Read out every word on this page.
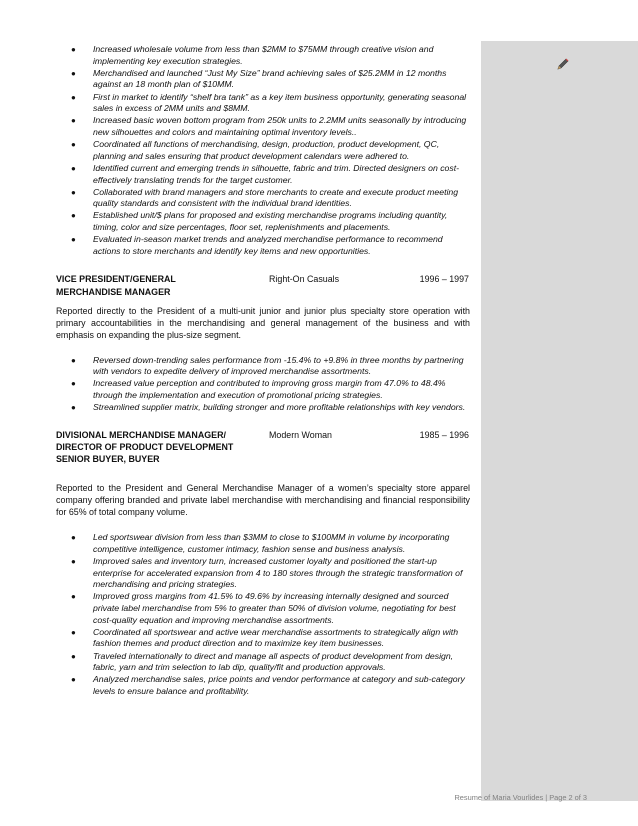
● Increased wholesale volume from less than $2MM to $75MM through creative vision and implementing key execution strategies.
● Merchandised and launched “Just My Size” brand achieving sales of $25.2MM in 12 months against an 18 month plan of $10MM.
● First in market to identify “shelf bra tank” as a key item business opportunity, generating seasonal sales in excess of 2MM units and $8MM.
● Increased basic woven bottom program from 250k units to 2.2MM units seasonally by introducing new silhouettes and colors and maintaining optimal inventory levels..
● Coordinated all functions of merchandising, design, production, product development, QC, planning and sales ensuring that product development calendars were adhered to.
● Identified current and emerging trends in silhouette, fabric and trim. Directed designers on cost-effectively translating trends for the target customer.
● Collaborated with brand managers and store merchants to create and execute product meeting quality standards and consistent with the individual brand identities.
● Established unit/$ plans for proposed and existing merchandise programs including quantity, timing, color and size percentages, floor set, replenishments and placements.
● Evaluated in-season market trends and analyzed merchandise performance to recommend actions to store merchants and identify key items and new opportunities.
VICE PRESIDENT/GENERAL
MERCHANDISE MANAGER
Right-On Casuals	1996 – 1997

Reported directly to the President of a multi-unit junior and junior plus specialty store operation with primary accountabilities in the merchandising and general management of the business and with emphasis on expanding the plus-size segment.

● Reversed down-trending sales performance from -15.4% to +9.8% in three months by partnering with vendors to expedite delivery of improved merchandise assortments.
● Increased value perception and contributed to improving gross margin from 47.0% to 48.4% through the implementation and execution of promotional pricing strategies.
● Streamlined supplier matrix, building stronger and more profitable relationships with key vendors.
DIVISIONAL MERCHANDISE MANAGER/
DIRECTOR OF PRODUCT DEVELOPMENT
SENIOR BUYER, BUYER
Modern Woman	1985 – 1996

Reported to the President and General Merchandise Manager of a women’s specialty store apparel company offering branded and private label merchandise with merchandising and financial responsibility for 65% of total company volume.

● Led sportswear division from less than $3MM to close to $100MM in volume by incorporating competitive intelligence, customer intimacy, fashion sense and business analysis.
● Improved sales and inventory turn, increased customer loyalty and positioned the start-up enterprise for accelerated expansion from 4 to 180 stores through the strategic transformation of merchandising and pricing strategies.
● Improved gross margins from 41.5% to 49.6% by increasing internally designed and sourced private label merchandise from 5% to greater than 50% of division volume, negotiating for best cost-quality equation and improving merchandise assortments.
● Coordinated all sportswear and active wear merchandise assortments to strategically align with fashion themes and product direction and to maximize key item businesses.
● Traveled internationally to direct and manage all aspects of product development from design, fabric, yarn and trim selection to lab dip, quality/fit and production approvals.
● Analyzed merchandise sales, price points and vendor performance at category and sub-category levels to ensure balance and profitability.
Resume of Maria Vourlides | Page 2 of 3
